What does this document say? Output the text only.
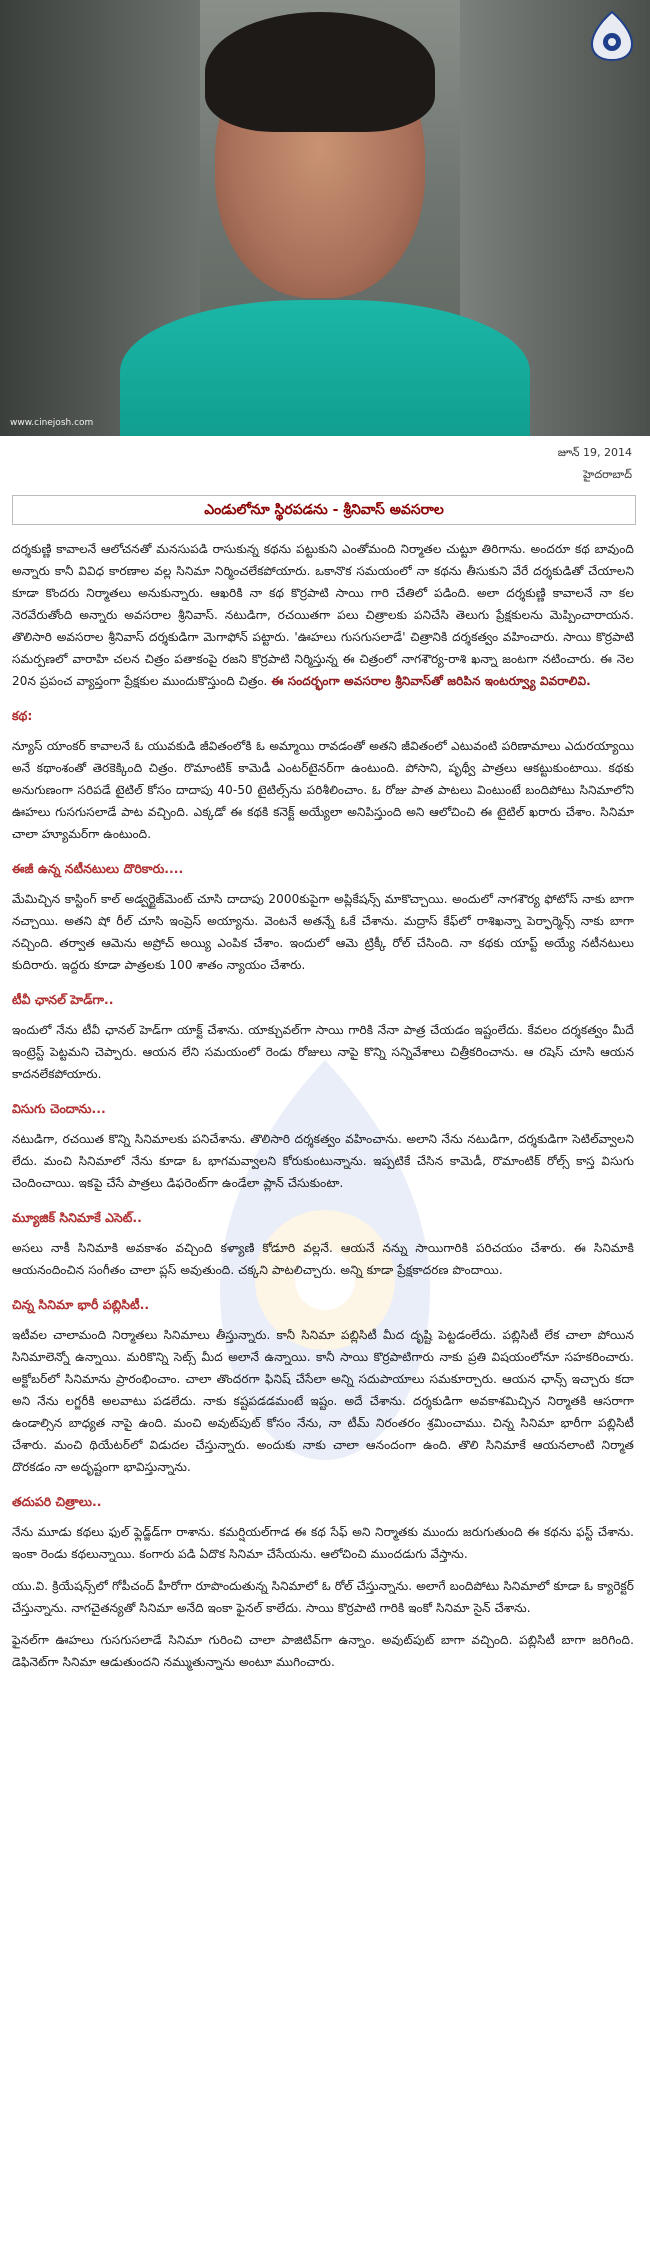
www.cinejosh.com
జూన్ 19, 2014
హైదరాబాద్
ఎండులోనూ స్థిరపడను - శ్రీనివాస్ అవసరాల

దర్శకుణ్ణి కావాలనే ఆలోచనతో మనసుపడి రాసుకున్న కథను పట్టుకుని ఎంతోమంది నిర్మాతల చుట్టూ తిరిగాను. అందరూ కథ బావుంది అన్నారు కానీ వివిధ కారణాల వల్ల సినిమా నిర్మించలేకపోయారు. ఒకానొక సమయంలో నా కథను తీసుకుని వేరే దర్శకుడితో చేయాలని కూడా కొందరు నిర్మాతలు అనుకున్నారు. ఆఖరికి నా కథ కొర్రపాటి సాయి గారి చేతిలో పడింది. అలా దర్శకుణ్ణి కావాలనే నా కల నెరవేరుతోంది అన్నారు అవసరాల శ్రీనివాస్. నటుడిగా, రచయితగా పలు చిత్రాలకు పనిచేసి తెలుగు ప్రేక్షకులను మెప్పించారాయన. తొలిసారి అవసరాల శ్రీనివాస్ దర్శకుడిగా మెగాఫోన్ పట్టారు. 'ఊహలు గుసగుసలాడే' చిత్రానికి దర్శకత్వం వహించారు. సాయి కొర్రపాటి సమర్పణలో వారాహి చలన చిత్రం పతాకంపై రజని కొర్రపాటి నిర్మిస్తున్న ఈ చిత్రంలో నాగశౌర్య-రాశి ఖన్నా జంటగా నటించారు. ఈ నెల 20న ప్రపంచ వ్యాప్తంగా ప్రేక్షకుల ముందుకొస్తుంది చిత్రం. ఈ సందర్భంగా అవసరాల శ్రీనివాస్‌తో జరిపిన ఇంటర్వ్యూ వివరాలివి.

కథ:

న్యూస్ యాంకర్ కావాలనే ఓ యువకుడి జీవితంలోకి ఓ అమ్మాయి రావడంతో అతని జీవితంలో ఎటువంటి పరిణామాలు ఎదురయ్యాయి అనే కథాంశంతో తెరకెక్కింది చిత్రం. రొమాంటిక్ కామెడీ ఎంటర్‌టైనర్‌గా ఉంటుంది. పోసాని, పృథ్వీ పాత్రలు ఆకట్టుకుంటాయి. కథకు అనుగుణంగా సరిపడే టైటిల్ కోసం దాదాపు 40-50 టైటిల్స్‌ను పరిశీలించాం. ఓ రోజు పాత పాటలు వింటుంటే బందిపోటు సినిమాలోని ఊహలు గుసగుసలాడే పాట వచ్చింది. ఎక్కడో ఈ కథకి కనెక్ట్ అయ్యేలా అనిపిస్తుంది అని ఆలోచించి ఈ టైటిల్ ఖరారు చేశాం. సినిమా చాలా హ్యూమర్‌గా ఉంటుంది.

ఈజీ ఉన్న నటీనటులు దొరికారు....

మేమిచ్చిన కాస్టింగ్ కాల్ అడ్వర్టైజ్‌మెంట్ చూసి దాదాపు 2000కుపైగా అప్లికేషన్స్ మాకొచ్చాయి. అందులో నాగశౌర్య ఫోటోస్ నాకు బాగా నచ్చాయి. అతని షో రీల్ చూసి ఇంప్రెస్ అయ్యాను. వెంటనే అతన్నే ఓకే చేశాను. మద్రాస్ కేఫ్‌లో రాశిఖన్నా పెర్ఫార్మెన్స్ నాకు బాగా నచ్చింది. తర్వాత ఆమెను అప్రోచ్ అయ్యి ఎంపిక చేశాం. ఇందులో ఆమె ట్రిక్కీ రోల్ చేసింది. నా కథకు యాప్ట్ అయ్యే నటీనటులు కుదిరారు. ఇద్దరు కూడా పాత్రలకు 100 శాతం న్యాయం చేశారు.

టీవీ ఛానల్ హెడ్‌గా..

ఇందులో నేను టీవీ ఛానల్ హెడ్‌గా యాక్ట్ చేశాను. యాక్చువల్‌గా సాయి గారికి నేనా పాత్ర చేయడం ఇష్టంలేదు. కేవలం దర్శకత్వం మీదే ఇంట్రెస్ట్ పెట్టమని చెప్పారు. ఆయన లేని సమయంలో రెండు రోజులు నాపై కొన్ని సన్నివేశాలు చిత్రీకరించాను. ఆ రషెస్ చూసి ఆయన కాదనలేకపోయారు.

విసుగు చెందాను...

నటుడిగా, రచయిత కొన్ని సినిమాలకు పనిచేశాను. తొలిసారి దర్శకత్వం వహించాను. అలాని నేను నటుడిగా, దర్శకుడిగా సెటిల్‌వ్వాలని లేదు. మంచి సినిమాలో నేను కూడా ఓ భాగమవ్వాలని కోరుకుంటున్నాను. ఇప్పటికే చేసిన కామెడీ, రొమాంటిక్ రోల్స్ కాస్త విసుగు చెందించాయి. ఇకపై చేసే పాత్రలు డిఫరెంట్‌గా ఉండేలా ప్లాన్ చేసుకుంటా.

మ్యూజిక్ సినిమాకే ఎసెట్..

అసలు నాకీ సినిమాకి అవకాశం వచ్చింది కళ్యాణి కోడూరి వల్లనే. ఆయనే నన్ను సాయిగారికి పరిచయం చేశారు. ఈ సినిమాకి ఆయనందించిన సంగీతం చాలా ప్లస్ అవుతుంది. చక్కని పాటలిచ్చారు. అన్ని కూడా ప్రేక్షకాదరణ పొందాయి.

చిన్న సినిమా భారీ పబ్లిసిటీ..

ఇటీవల చాలామంది నిర్మాతలు సినిమాలు తీస్తున్నారు. కానీ సినిమా పబ్లిసిటీ మీద దృష్టి పెట్టడంలేదు. పబ్లిసిటీ లేక చాలా పోయిన సినిమాలెన్నో ఉన్నాయి. మరికొన్ని సెట్స్ మీద అలానే ఉన్నాయి. కానీ సాయి కొర్రపాటిగారు నాకు ప్రతి విషయంలోనూ సహకరించారు. అక్టోబర్‌లో సినిమాను ప్రారంభించాం. చాలా తొందరగా ఫినిష్ చేసేలా అన్ని సదుపాయాలు సమకూర్చారు. ఆయన ఛాన్స్ ఇచ్చారు కదా అని నేను లగ్జరీకి అలవాటు పడలేదు. నాకు కష్టపడడమంటే ఇష్టం. అదే చేశాను. దర్శకుడిగా అవకాశమిచ్చిన నిర్మాతకి ఆసరాగా ఉండాల్సిన బాధ్యత నాపై ఉంది. మంచి అవుట్‌పుట్ కోసం నేను, నా టీమ్ నిరంతరం శ్రమించాము. చిన్న సినిమా భారీగా పబ్లిసిటీ చేశారు. మంచి థియేటర్‌లో విడుదల చేస్తున్నారు. అందుకు నాకు చాలా ఆనందంగా ఉంది. తొలి సినిమాకే ఆయనలాంటి నిర్మాత దొరకడం నా అదృష్టంగా భావిస్తున్నాను.

తదుపరి చిత్రాలు..

నేను మూడు కథలు ఫుల్ ఫ్లెడ్జ్‌డ్‌గా రాశాను. కమర్షియల్‌గాడ ఈ కథ సేఫ్ అని నిర్మాతకు ముందు జరుగుతుంది ఈ కథను ఫస్ట్ చేశాను. ఇంకా రెండు కథలున్నాయి. కంగారు పడి ఏదొక సినిమా చేసేయను. ఆలోచించి ముందడుగు వేస్తాను.

యు.వి. క్రియేషన్స్‌లో గోపీచంద్ హీరోగా రూపొందుతున్న సినిమాలో ఓ రోల్ చేస్తున్నాను. అలాగే బందిపోటు సినిమాలో కూడా ఓ క్యారెక్టర్ చేస్తున్నాను. నాగచైతన్యతో సినిమా అనేది ఇంకా ఫైనల్ కాలేదు. సాయి కొర్రపాటి గారికి ఇంకో సినిమా సైన్ చేశాను.

ఫైనల్‌గా ఊహలు గుసగుసలాడే సినిమా గురించి చాలా పాజిటివ్‌గా ఉన్నాం. అవుట్‌పుట్ బాగా వచ్చింది. పబ్లిసిటీ బాగా జరిగింది. డెఫినెట్‌గా సినిమా ఆడుతుందని నమ్ముతున్నాను అంటూ ముగించారు.
